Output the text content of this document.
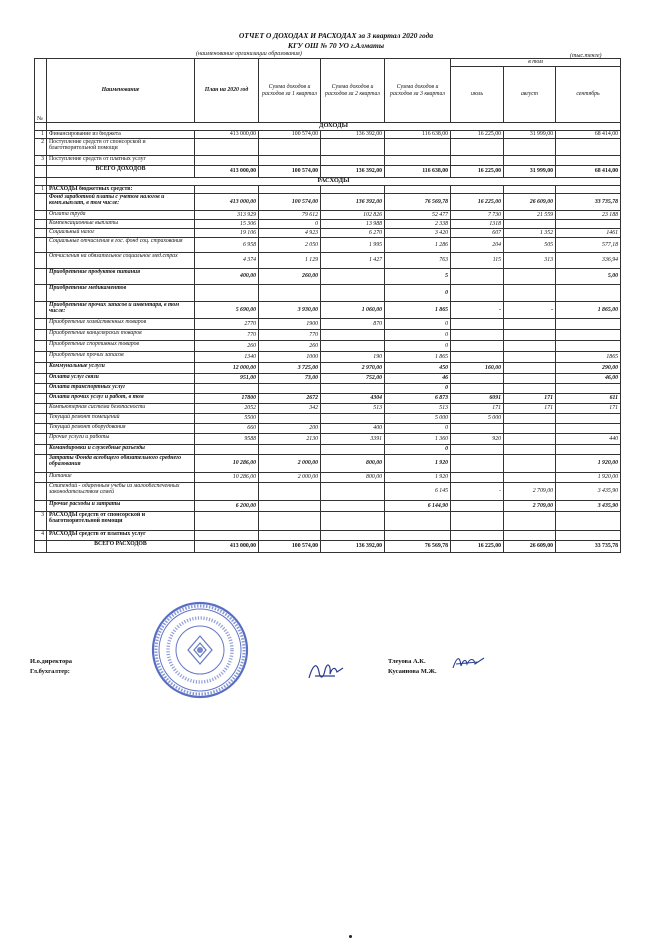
ОТЧЕТ О ДОХОДАХ И РАСХОДАХ за 3 квартал 2020 года
КГУ ОШ № 70 УО г.Алматы
(наименование организации образования)	(тыс.тенге)
№	Наименование	План на 2020 год	Сумма доходов и расходов за 1 квартал	Сумма доходов и расходов за 2 квартал	Сумма доходов и расходов за 3 квартал	в том		
						июль	август	сентябрь
	ДОХОДЫ							
1	Финансирование из бюджета	413 000,00	100 574,00	136 392,00	116 638,00	16 225,00	31 999,00	68 414,00
2	Поступление средств от спонсорской и благотворительной помощи							
3	Поступление средств от платных услуг							
	ВСЕГО ДОХОДОВ	413 000,00	100 574,00	136 392,00	116 638,00	16 225,00	31 999,00	68 414,00
	РАСХОДЫ							
1	РАСХОДЫ бюджетных средств:							
	Фонд заработной платы с учетом налогов и комп.выплат, в том числе:	413 000,00	100 574,00	136 392,00	76 569,78	16 225,00	26 609,00	33 735,78
	Оплата труда	313 929	79 612	102 826	52 477	7 730	21 559	23 188
	Компенсационные выплаты	15 306	0	13 988	2 338	1318		
	Социальный налог	19 106	4 923	6 270	3 420	607	1 352	1461
	Социальные отчисления в гос. фонд соц. страхования	6 958	2 050	1 995	1 286	204	505	577,18
	Отчисления на обязательное социальное мед.страх	4 374	1 129	1 427	763	115	313	336,94
	Приобретение продуктов питания	400,00	260,00		5			5,00
	Приобретение медикаментов				0			
	Приобретение прочих запасов и инвентаря, в том числе:	5 690,00	3 930,00	1 060,00	1 865	-	-	1 865,00
	Приобретение хозяйственных товаров	2770	1900	870	0			
	Приобретение канцелярских товаров	770	770		0			
	Приобретение спортивных товаров	260	260		0			
	Приобретение прочих запасов	1340	1000	190	1 865			1865
	Коммунальные услуги	12 000,00	3 725,00	2 970,00	450	160,00		290,00
	Оплата услуг связи	951,00	73,00	752,00	46			46,00
	Оплата транспортных услуг				0			
	Оплата прочих услуг и работ, в том	17800	2672	4304	6 873	6091	171	611
	Компьютерная система безопасности	2052	342	513	513	171	171	171
	Текущий ремонт помещений	5500			5 000	5 000		
	Текущий ремонт оборудования	660	200	400	0			
	Прочие услуги и работы	9588	2130	3391	1 360	920		440
	Командировки и служебные разъезды				0			
	Затраты Фонда всеобщего обязательного среднего образования	10 286,00	2 000,00	800,00	1 920			1 920,00
	Питание	10 286,00	2 000,00	800,00	1 920			1 920,00
	Стипендий - одаренным учебы из малообеспеченных законодательством семей				6 145	-	2 709,00	3 435,90
	Прочие расходы и затраты	6 200,00			6 144,90		2 709,00	3 435,90
3	РАСХОДЫ средств от спонсорской и благотворительной помощи							
4	РАСХОДЫ средств от платных услуг							
	ВСЕГО РАСХОДОВ	413 000,00	100 574,00	136 392,00	76 569,78	16 225,00	26 609,00	33 735,78
И.о.директора
Гл.бухгалтер:
Тлеуова А.К.
Кусаинова М.Ж.
